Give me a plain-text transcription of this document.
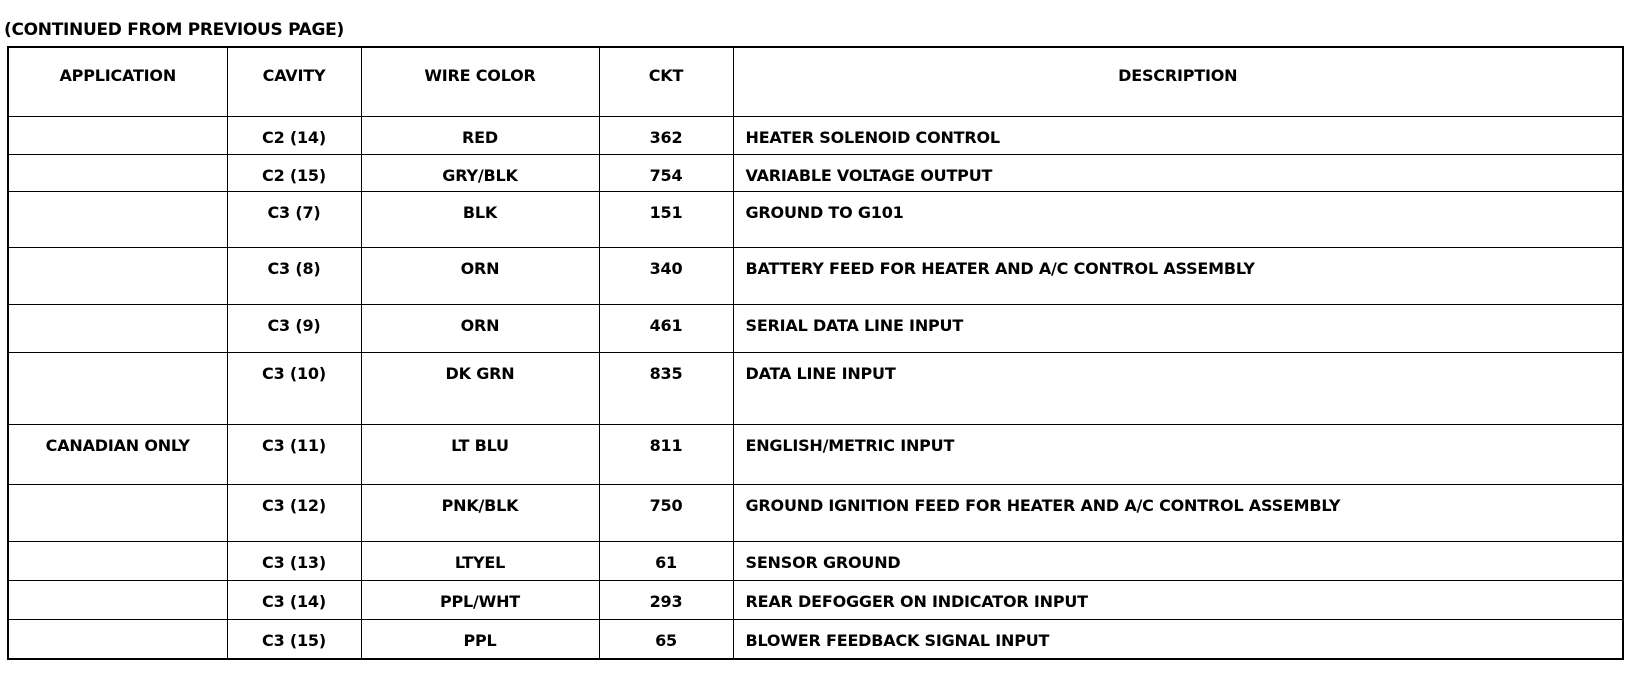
(CONTINUED FROM PREVIOUS PAGE)
APPLICATION	CAVITY	WIRE COLOR	CKT	DESCRIPTION
	C2 (14)	RED	362	HEATER SOLENOID CONTROL
	C2 (15)	GRY/BLK	754	VARIABLE VOLTAGE OUTPUT
	C3 (7)	BLK	151	GROUND TO G101
	C3 (8)	ORN	340	BATTERY FEED FOR HEATER AND A/C CONTROL ASSEMBLY
	C3 (9)	ORN	461	SERIAL DATA LINE INPUT
	C3 (10)	DK GRN	835	DATA LINE INPUT
CANADIAN ONLY	C3 (11)	LT BLU	811	ENGLISH/METRIC INPUT
	C3 (12)	PNK/BLK	750	GROUND IGNITION FEED FOR HEATER AND A/C CONTROL ASSEMBLY
	C3 (13)	LTYEL	61	SENSOR GROUND
	C3 (14)	PPL/WHT	293	REAR DEFOGGER ON INDICATOR INPUT
	C3 (15)	PPL	65	BLOWER FEEDBACK SIGNAL INPUT
